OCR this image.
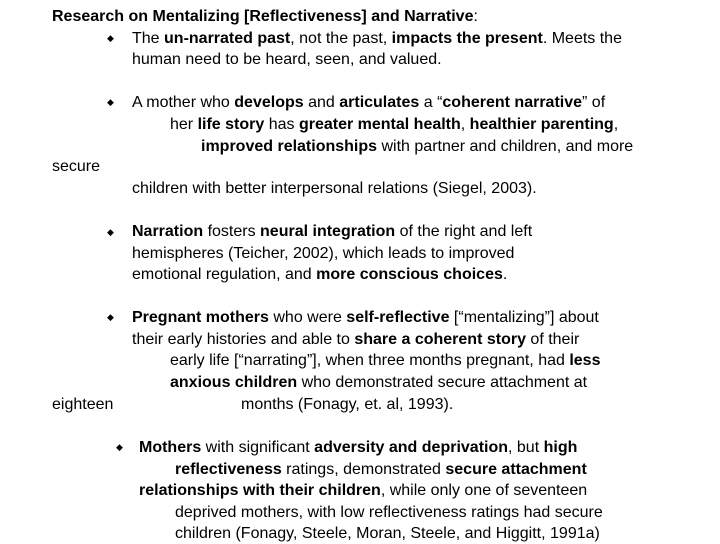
Research on Mentalizing [Reflectiveness] and Narrative:
◆ The un-narrated past, not the past, impacts the present. Meets the
human need to be heard, seen, and valued.
◆ A mother who develops and articulates a “coherent narrative” of
her life story has greater mental health, healthier parenting,
improved relationships with partner and children, and more
secure
children with better interpersonal relations (Siegel, 2003).
◆ Narration fosters neural integration of the right and left
hemispheres (Teicher, 2002), which leads to improved
emotional regulation, and more conscious choices.
◆ Pregnant mothers who were self-reflective [“mentalizing”] about
their early histories and able to share a coherent story of their
early life [“narrating”], when three months pregnant, had less
anxious children who demonstrated secure attachment at
eighteen	months (Fonagy, et. al, 1993).
◆ Mothers with significant adversity and deprivation, but high
reflectiveness ratings, demonstrated secure attachment
relationships with their children, while only one of seventeen
deprived mothers, with low reflectiveness ratings had secure
children (Fonagy, Steele, Moran, Steele, and Higgitt, 1991a)
